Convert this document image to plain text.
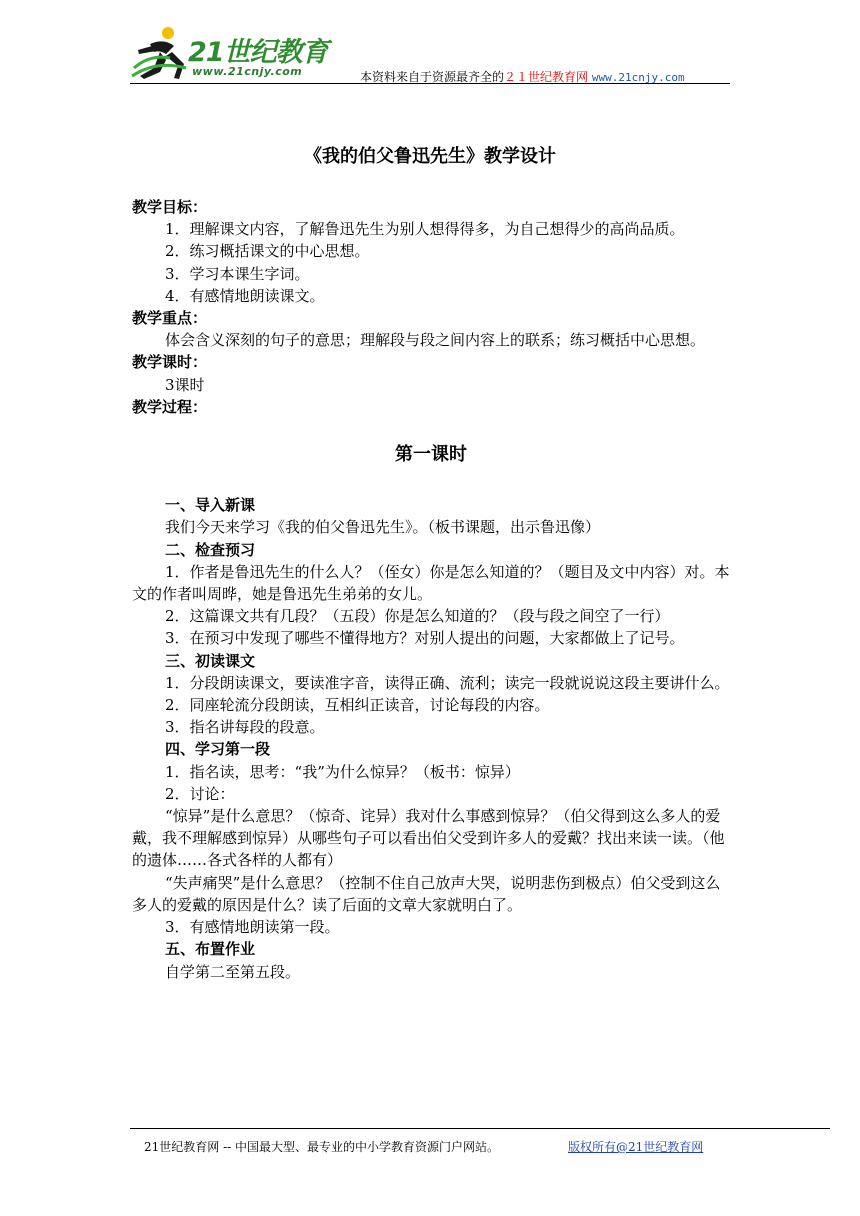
21世纪教育
www.21cnjy.com	本资料来自于资源最齐全的２１世纪教育网 www.21cnjy.com
《我的伯父鲁迅先生》教学设计

教学目标：

1．理解课文内容，了解鲁迅先生为别人想得得多，为自己想得少的高尚品质。

2．练习概括课文的中心思想。

3．学习本课生字词。

4．有感情地朗读课文。

教学重点：

体会含义深刻的句子的意思；理解段与段之间内容上的联系；练习概括中心思想。

教学课时：

3课时

教学过程：

第一课时

一、导入新课

我们今天来学习《我的伯父鲁迅先生》。（板书课题，出示鲁迅像）

二、检查预习

1．作者是鲁迅先生的什么人？（侄女）你是怎么知道的？（题目及文中内容）对。本文的作者叫周晔，她是鲁迅先生弟弟的女儿。

2．这篇课文共有几段？（五段）你是怎么知道的？（段与段之间空了一行）

3．在预习中发现了哪些不懂得地方？对别人提出的问题，大家都做上了记号。

三、初读课文

1．分段朗读课文，要读准字音，读得正确、流利；读完一段就说说这段主要讲什么。

2．同座轮流分段朗读，互相纠正读音，讨论每段的内容。

3．指名讲每段的段意。

四、学习第一段

1．指名读，思考：“我”为什么惊异？（板书：惊异）

2．讨论：

“惊异”是什么意思？（惊奇、诧异）我对什么事感到惊异？（伯父得到这么多人的爱戴，我不理解感到惊异）从哪些句子可以看出伯父受到许多人的爱戴？找出来读一读。（他的遗体……各式各样的人都有）

“失声痛哭”是什么意思？（控制不住自己放声大哭，说明悲伤到极点）伯父受到这么多人的爱戴的原因是什么？读了后面的文章大家就明白了。

3．有感情地朗读第一段。

五、布置作业

自学第二至第五段。

21世纪教育网 -- 中国最大型、最专业的中小学教育资源门户网站。	版权所有@21世纪教育网
